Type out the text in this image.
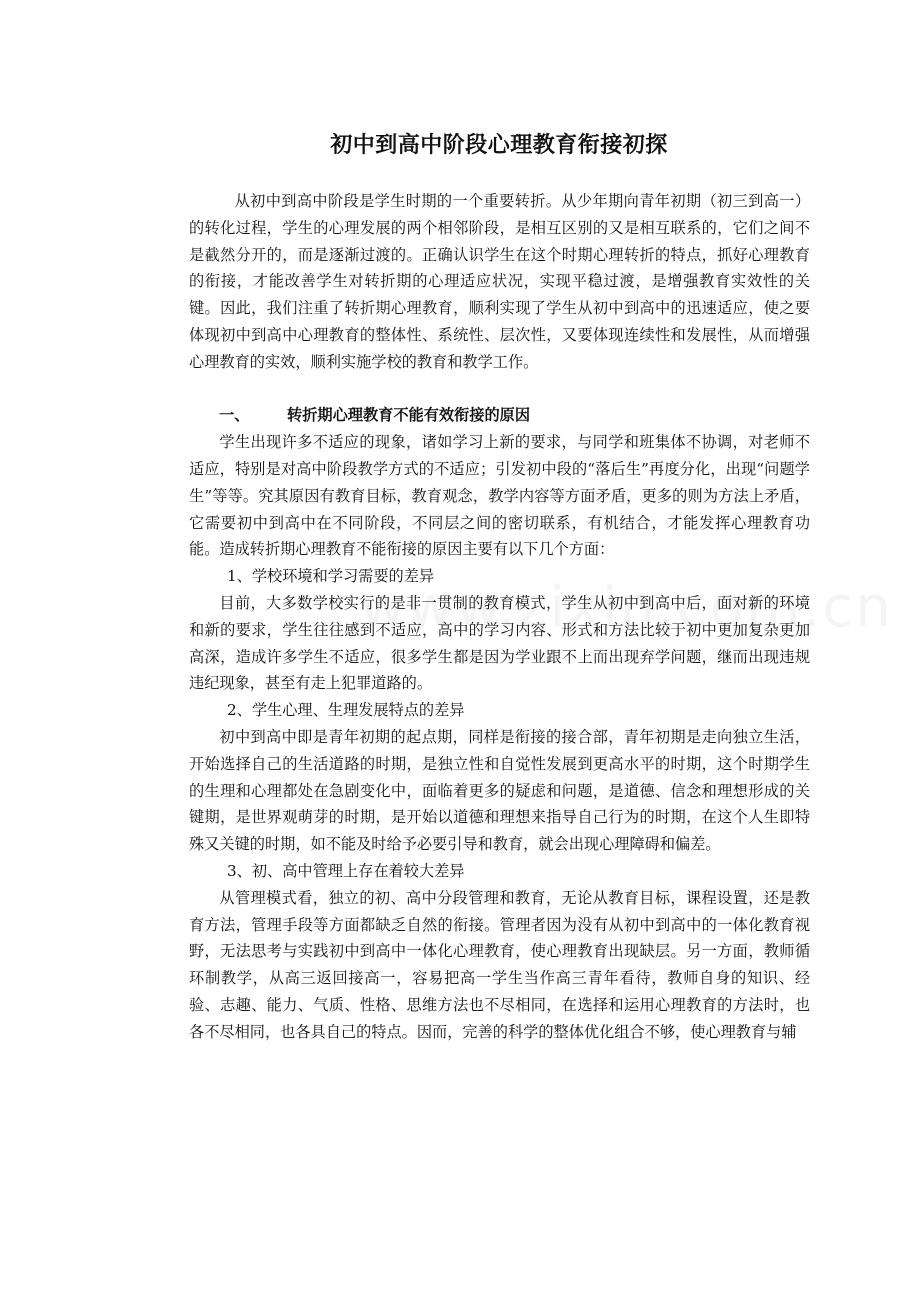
初中到高中阶段心理教育衔接初探

从初中到高中阶段是学生时期的一个重要转折。从少年期向青年初期（初三到高一）的转化过程，学生的心理发展的两个相邻阶段，是相互区别的又是相互联系的，它们之间不是截然分开的，而是逐渐过渡的。正确认识学生在这个时期心理转折的特点，抓好心理教育的衔接，才能改善学生对转折期的心理适应状况，实现平稳过渡，是增强教育实效性的关键。因此，我们注重了转折期心理教育，顺利实现了学生从初中到高中的迅速适应，使之要体现初中到高中心理教育的整体性、系统性、层次性，又要体现连续性和发展性，从而增强心理教育的实效，顺利实施学校的教育和教学工作。

一、 转折期心理教育不能有效衔接的原因

学生出现许多不适应的现象，诸如学习上新的要求，与同学和班集体不协调，对老师不适应，特别是对高中阶段教学方式的不适应；引发初中段的“落后生”再度分化，出现“问题学生”等等。究其原因有教育目标，教育观念，教学内容等方面矛盾，更多的则为方法上矛盾，它需要初中到高中在不同阶段，不同层之间的密切联系，有机结合，才能发挥心理教育功能。造成转折期心理教育不能衔接的原因主要有以下几个方面：

1、学校环境和学习需要的差异

目前，大多数学校实行的是非一贯制的教育模式，学生从初中到高中后，面对新的环境和新的要求，学生往往感到不适应，高中的学习内容、形式和方法比较于初中更加复杂更加高深，造成许多学生不适应，很多学生都是因为学业跟不上而出现弃学问题，继而出现违规违纪现象，甚至有走上犯罪道路的。

2、学生心理、生理发展特点的差异

初中到高中即是青年初期的起点期，同样是衔接的接合部，青年初期是走向独立生活，开始选择自己的生活道路的时期，是独立性和自觉性发展到更高水平的时期，这个时期学生的生理和心理都处在急剧变化中，面临着更多的疑虑和问题，是道德、信念和理想形成的关键期，是世界观萌芽的时期，是开始以道德和理想来指导自己行为的时期，在这个人生即特殊又关键的时期，如不能及时给予必要引导和教育，就会出现心理障碍和偏差。

3、初、高中管理上存在着较大差异

从管理模式看，独立的初、高中分段管理和教育，无论从教育目标，课程设置，还是教育方法，管理手段等方面都缺乏自然的衔接。管理者因为没有从初中到高中的一体化教育视野，无法思考与实践初中到高中一体化心理教育，使心理教育出现缺层。另一方面，教师循环制教学，从高三返回接高一，容易把高一学生当作高三青年看待，教师自身的知识、经验、志趣、能力、气质、性格、思维方法也不尽相同，在选择和运用心理教育的方法时，也各不尽相同，也各具自己的特点。因而，完善的科学的整体优化组合不够，使心理教育与辅
